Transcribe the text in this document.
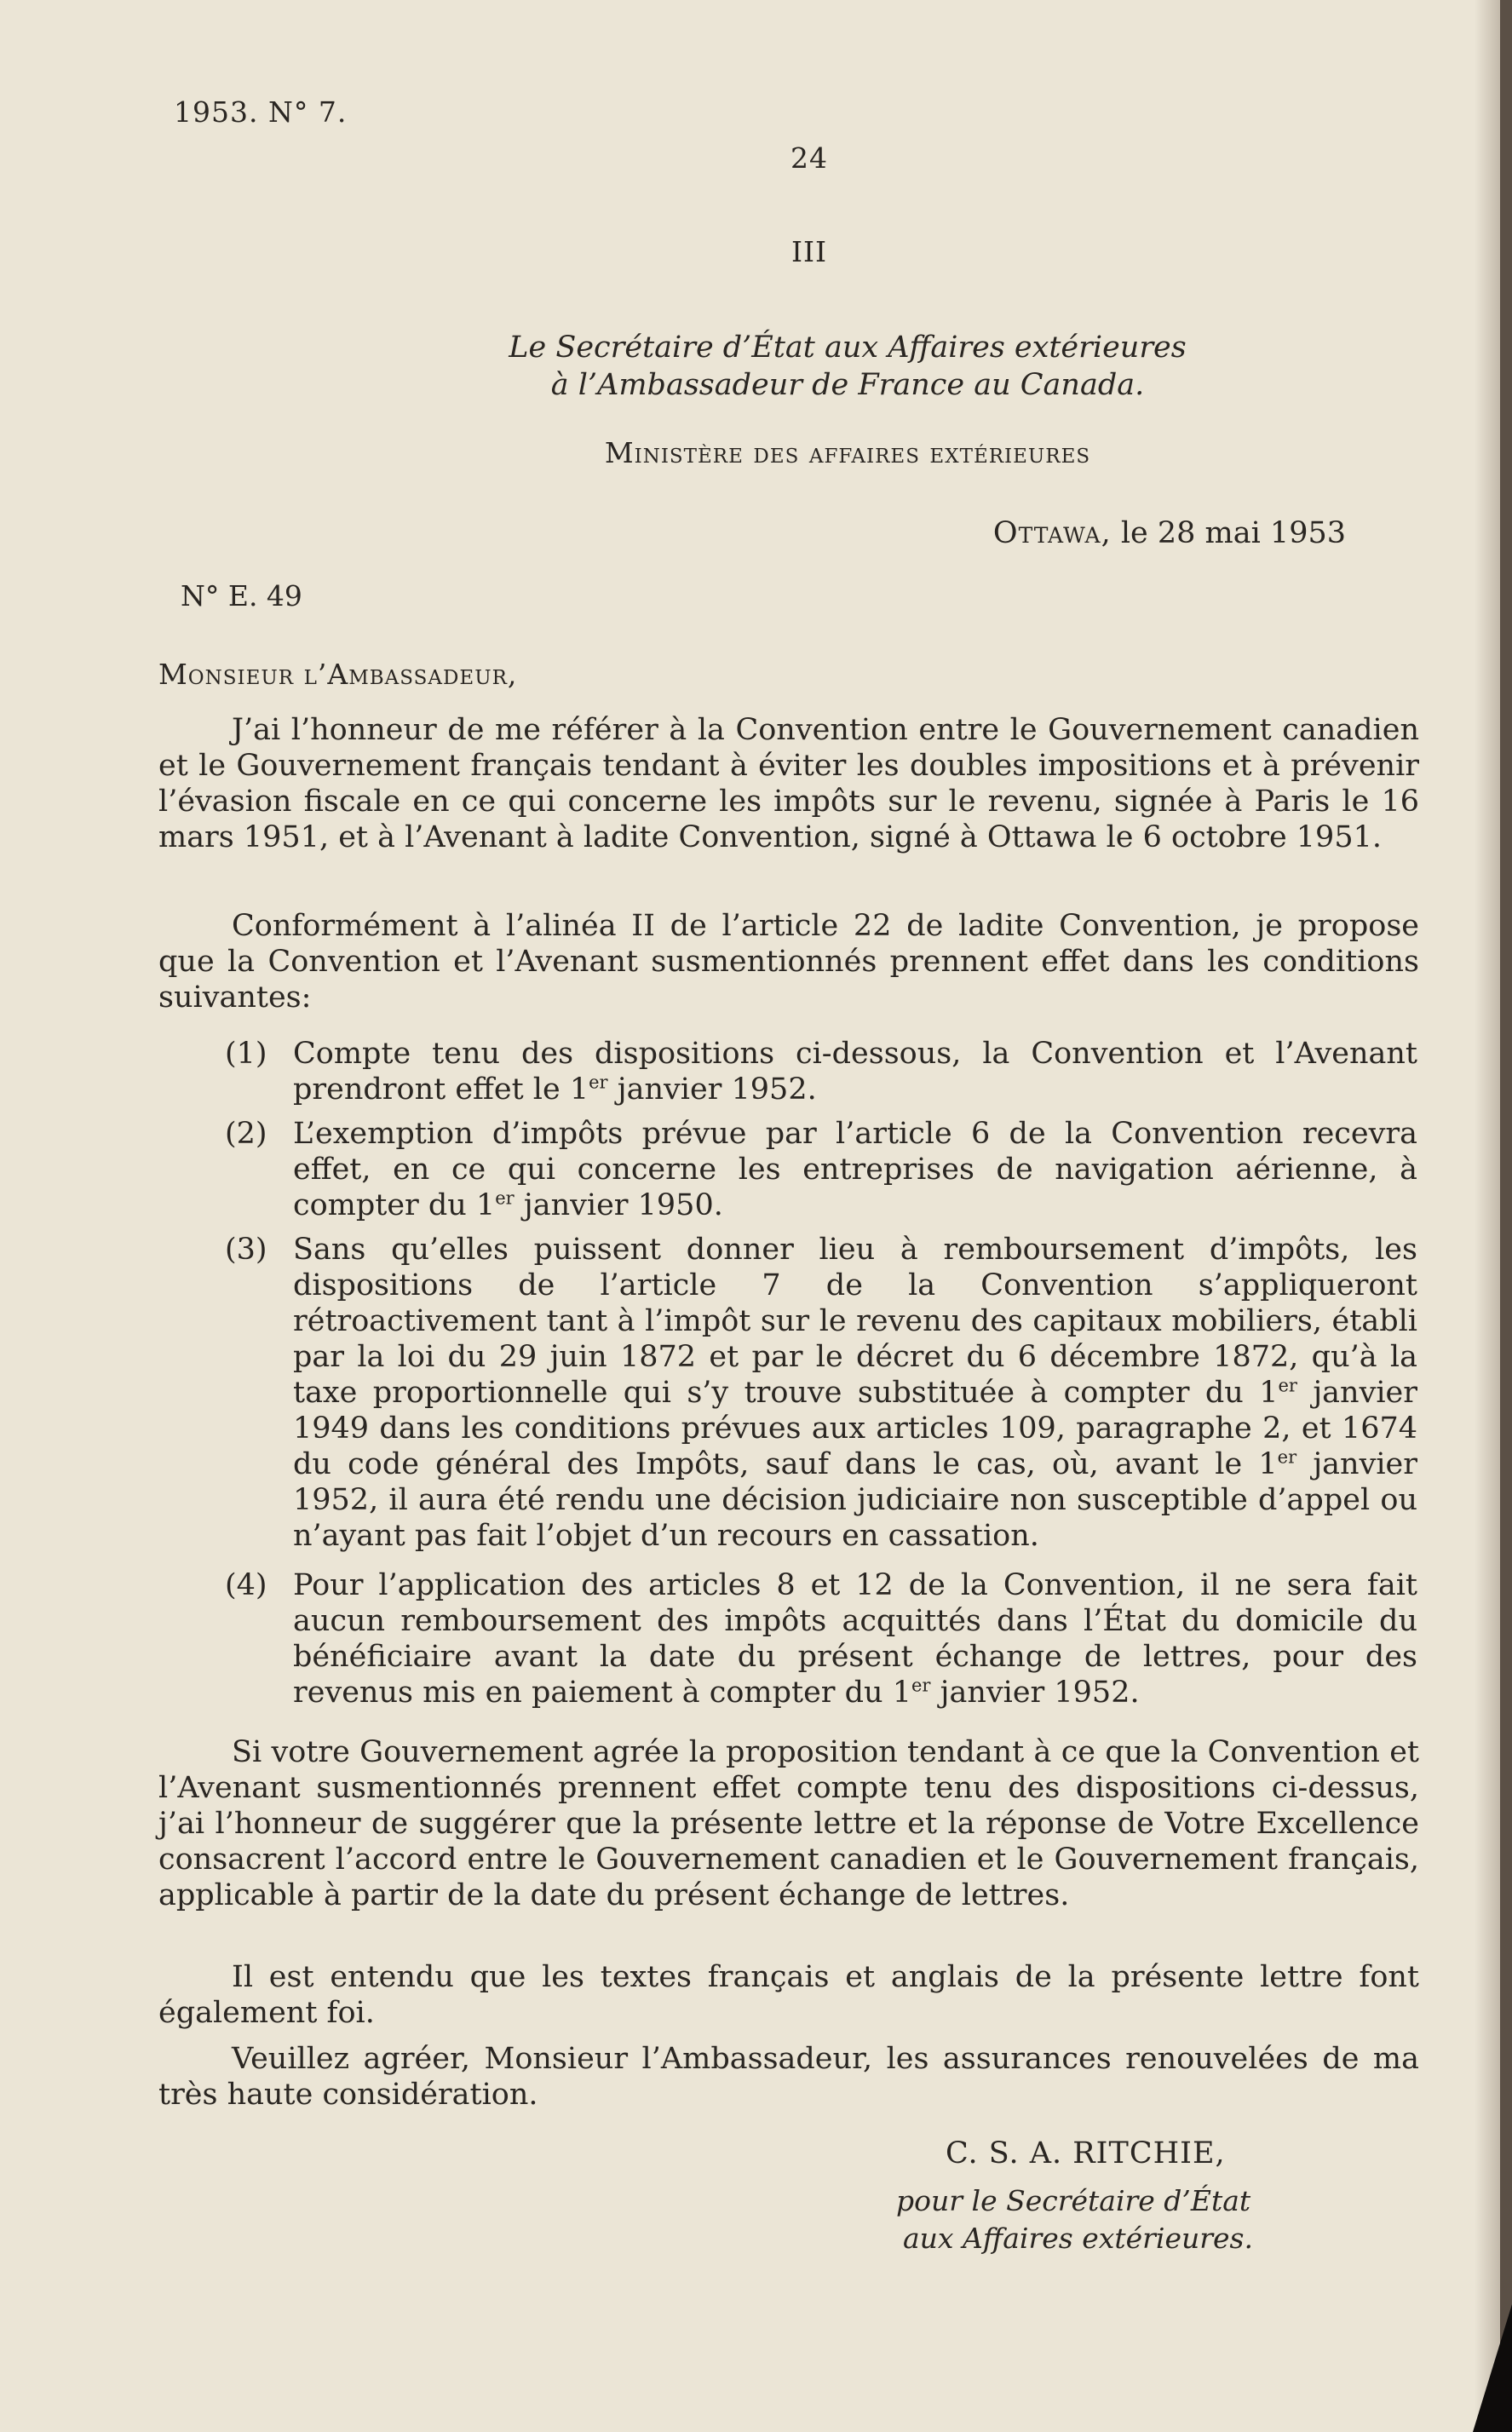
1953. N° 7.
24
III
Le Secrétaire d’État aux Affaires extérieures
à l’Ambassadeur de France au Canada.
Ministère des affaires extérieures
Ottawa, le 28 mai 1953
N° E. 49
Monsieur l’Ambassadeur,
J’ai l’honneur de me référer à la Convention entre le Gouvernement canadien et le Gouvernement français tendant à éviter les doubles impositions et à prévenir l’évasion fiscale en ce qui concerne les impôts sur le revenu, signée à Paris le 16 mars 1951, et à l’Avenant à ladite Convention, signé à Ottawa le 6 octobre 1951.
Conformément à l’alinéa II de l’article 22 de ladite Convention, je propose que la Convention et l’Avenant susmentionnés prennent effet dans les conditions suivantes:
(1) Compte tenu des dispositions ci-dessous, la Convention et l’Avenant prendront effet le 1er janvier 1952.
(2) L’exemption d’impôts prévue par l’article 6 de la Convention recevra effet, en ce qui concerne les entreprises de navigation aérienne, à compter du 1er janvier 1950.
(3) Sans qu’elles puissent donner lieu à remboursement d’impôts, les dispositions de l’article 7 de la Convention s’appliqueront rétroactivement tant à l’impôt sur le revenu des capitaux mobiliers, établi par la loi du 29 juin 1872 et par le décret du 6 décembre 1872, qu’à la taxe proportionnelle qui s’y trouve substituée à compter du 1er janvier 1949 dans les conditions prévues aux articles 109, paragraphe 2, et 1674 du code général des Impôts, sauf dans le cas, où, avant le 1er janvier 1952, il aura été rendu une décision judiciaire non susceptible d’appel ou n’ayant pas fait l’objet d’un recours en cassation.
(4) Pour l’application des articles 8 et 12 de la Convention, il ne sera fait aucun remboursement des impôts acquittés dans l’État du domicile du bénéficiaire avant la date du présent échange de lettres, pour des revenus mis en paiement à compter du 1er janvier 1952.
Si votre Gouvernement agrée la proposition tendant à ce que la Convention et l’Avenant susmentionnés prennent effet compte tenu des dispositions ci-dessus, j’ai l’honneur de suggérer que la présente lettre et la réponse de Votre Excellence consacrent l’accord entre le Gouvernement canadien et le Gouvernement français, applicable à partir de la date du présent échange de lettres.
Il est entendu que les textes français et anglais de la présente lettre font également foi.
Veuillez agréer, Monsieur l’Ambassadeur, les assurances renouvelées de ma très haute considération.
C. S. A. RITCHIE,
pour le Secrétaire d’État
aux Affaires extérieures.
